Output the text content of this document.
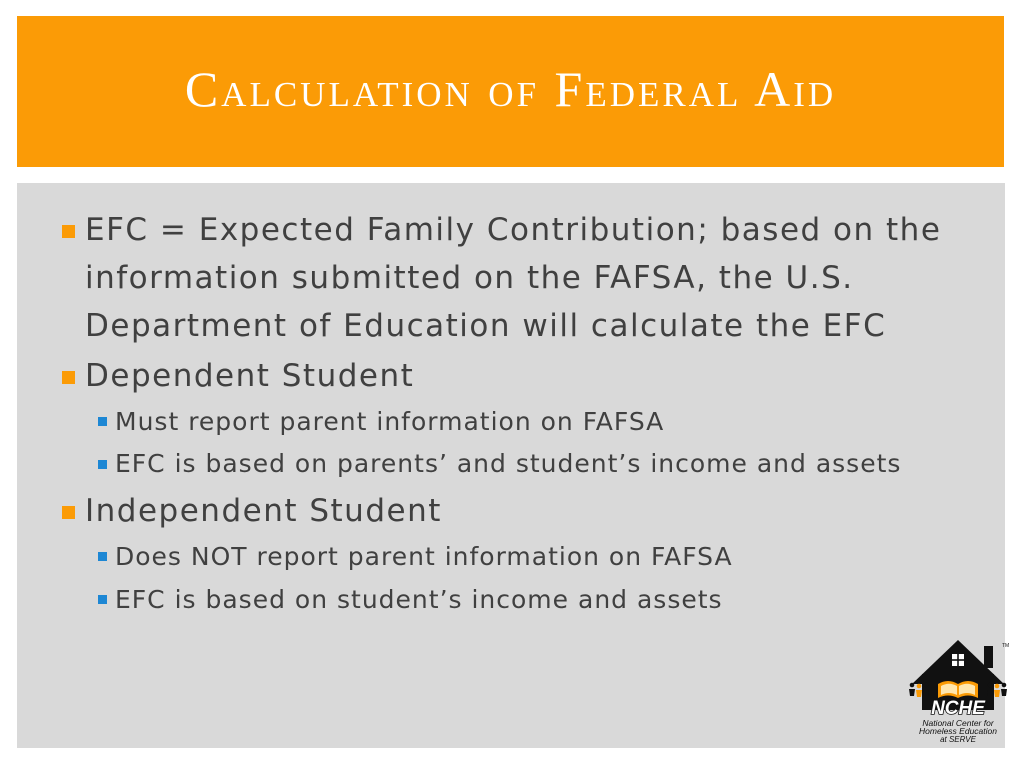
Calculation of Federal Aid
EFC = Expected Family Contribution; based on the information submitted on the FAFSA, the U.S. Department of Education will calculate the EFC
Dependent Student
Must report parent information on FAFSA
EFC is based on parents’ and student’s income and assets
Independent Student
Does NOT report parent information on FAFSA
EFC is based on student’s income and assets
NCHE
TM
National Center for
Homeless Education
at SERVE
